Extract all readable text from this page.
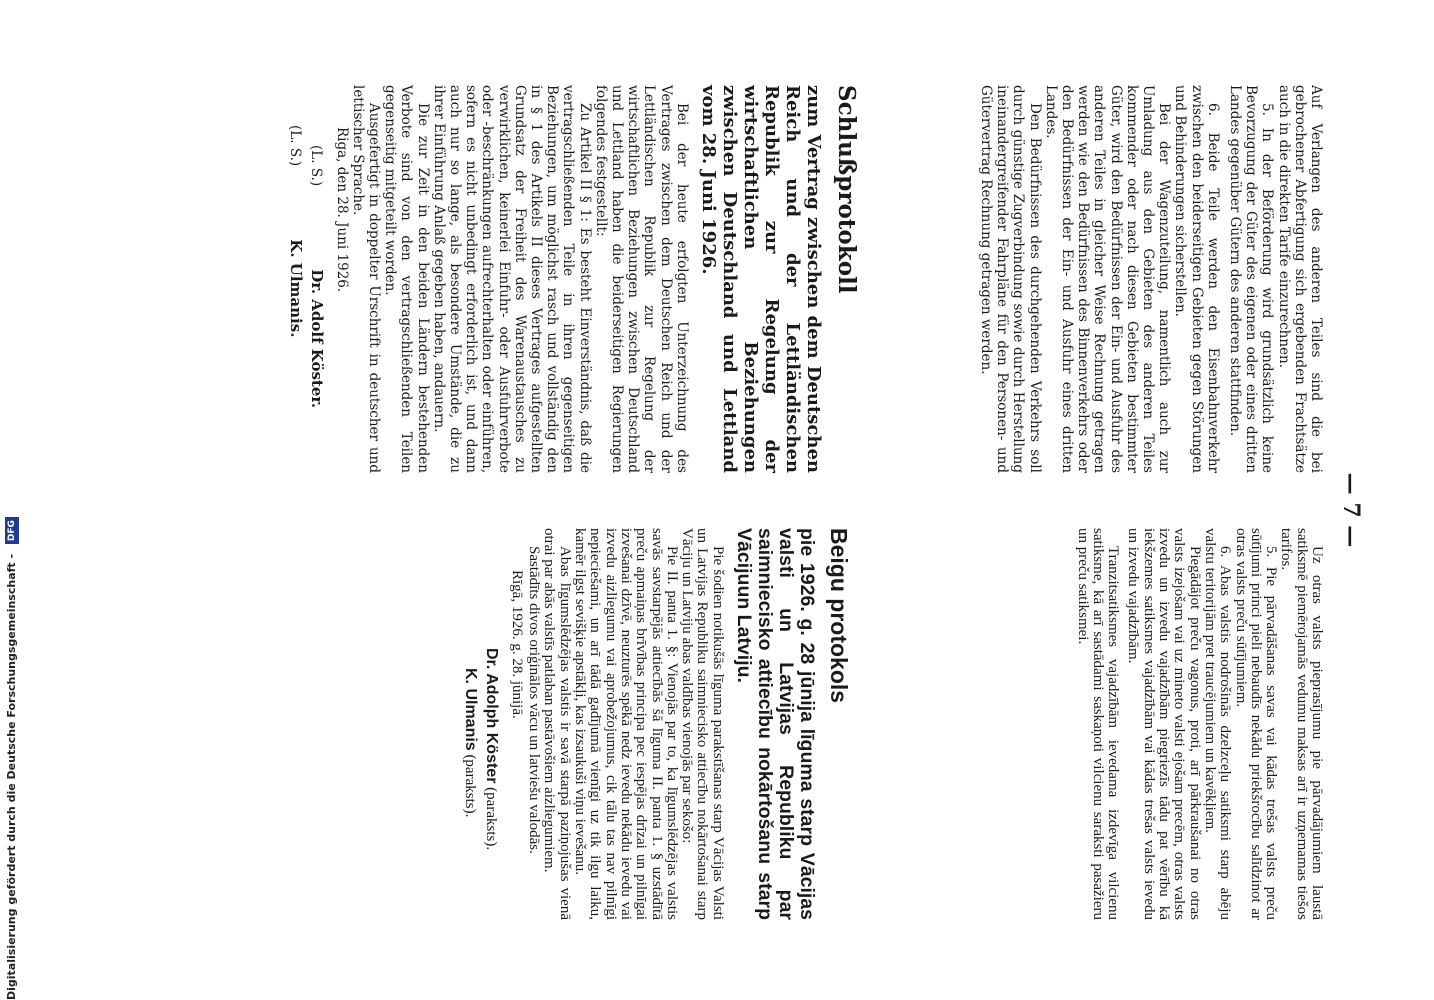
Digitalisierung gefördert durch die Deutsche Forschungsgemeinschaft - DFG	— 7 —

Auf Verlangen des anderen Teiles sind die bei gebrochener Abfertigung sich ergebenden Frachtsätze auch in die direkten Tarife einzurechnen.

5. In der Beförderung wird grundsätzlich keine Bevorzugung der Güter des eigenen oder eines dritten Landes gegenüber Gütern des anderen stattfinden.

6. Beide Teile werden den Eisenbahnverkehr zwischen den beiderseitigen Gebieten gegen Störungen und Behinderungen sicherstellen.

Bei der Wagenzuteilung, namentlich auch zur Umladung aus den Gebieten des anderen Teiles kommender oder nach diesen Gebieten bestimmter Güter, wird den Bedürfnissen der Ein- und Ausfuhr des anderen Teiles in gleicher Weise Rechnung getragen werden wie den Bedürfnissen des Binnenverkehrs oder den Bedürfnissen der Ein- und Ausfuhr eines dritten Landes.

Den Bedürfnissen des durchgehenden Verkehrs soll durch günstige Zugverbindung sowie durch Herstellung ineinandergreifender Fahrpläne für den Personen- und Gütervertrag Rechnung getragen werden.

Uz otras valsts pieprasījumu pie pārvadājumiem laustā satiksmē piemērojamās vedumu maksas arī ir uzņemamas tiešos tarifos.

5. Pie pārvadāšanas savas vai kādas trešas valsts preču sūtījumi princi pieli nebaudīs nekādu priekšrocību salīdzinot ar otras valsts preču sūtījumiem.

6. Abas valstis nodrošinās dzelzceļu satiksmi starp abēju valstu teritorijām pret traucējumiem un kavēkļiem.

Piegādājot preču vagonus, proti, arī pārkraušanai no otras valsts izejošam vai uz mineto valsti ejošam precēm, otras valsts izvedu un izvedu vajadzībām piegriezīs tādu pat vērību kā iekšzemes satiksmes vajadzībām vai kādas trešas valsts ievedu un izvedu vajadzībām.

Tranzitsatiksmes vajadzībām ievedama izdevīga vilcienu satiksme, kā arī sastādami saskaņoti vilcienu saraksti pasažieru un preču satiksmei.

Schlußprotokoll

zum Vertrag zwischen dem Deutschen Reich und der Lettländischen Republik zur Regelung der wirtschaftlichen Beziehungen zwischen Deutschland und Lettland vom 28. Juni 1926.

Bei der heute erfolgten Unterzeichnung des Vertrages zwischen dem Deutschen Reich und der Lettländischen Republik zur Regelung der wirtschaftlichen Beziehungen zwischen Deutschland und Lettland haben die beiderseitigen Regierungen folgendes festgestellt:

Zu Artikel II § 1: Es besteht Einverständnis, daß die vertragschließenden Teile in ihren gegenseitigen Beziehungen, um möglichst rasch und vollständig den in § 1 des Artikels II dieses Vertrages aufgestellten Grundsatz der Freiheit des Warenaustausches zu verwirklichen, keinerlei Einfuhr- oder Ausfuhrverbote oder -beschränkungen aufrechterhalten oder einführen, sofern es nicht unbedingt erforderlich ist, und dann auch nur so lange, als besondere Umstände, die zu ihrer Einführung Anlaß gegeben haben, andauern.

Die zur Zeit in den beiden Ländern bestehenden Verbote sind von den vertragschließenden Teilen gegenseitig mitgeteilt worden.

Ausgefertigt in doppelter Urschrift in deutscher und lettischer Sprache.

Riga, den 28. Juni 1926.

(L. S.) Dr. Adolf Köster.

(L. S.) K. Ulmanis.

Beigu protokols

pie 1926. g. 28 jūnija līguma starp Vācijas valsti un Latvijas Republiku par saimniecisko attiecību nokārtošanu starp Vācijuun Latviju.

Pie šodien notikušās līguma parakstīšanas starp Vācijas Valsti un Latvijas Republiku saimniecisko attiecību nokārtošanai starp Vāciju un Latviju abas valdības vienojās par sekošo:

Pie II. panta 1. §: Vienojās par to, ka līgumslēdzējas valstis savās savstarpējās attiecībās šā līguma II. panta 1. § uzstādītā preču apmaiņas brīvības principa pec iespējas drīzai un pilnīgai izvešanai dzīvē, neuzturēs spēkā nedz ievedu nekādu ievedu vai izvedu aizliegumu vai aprobežojumus, cik tālu tas nav pilnīgi nepieciešami, un arī tādā gadījumā vienīgi uz tik ilgu laiku, kamēr ilgst sevišķie apstākļi, kas izsaukuši viņu ievešanu.

Abas līgumslēdzējas valstis ir savā starpā paziņojušas vienā otrai par abās valstīs patlaban pastāvošiem aizliegumiem.

Sastādīts divos oriģinālos vācu un latviešu valodās.

Rīgā, 1926. g. 28. jūnijā.

Dr. Adolph Köster (paraksts).

K. Ulmanis (paraksts).
